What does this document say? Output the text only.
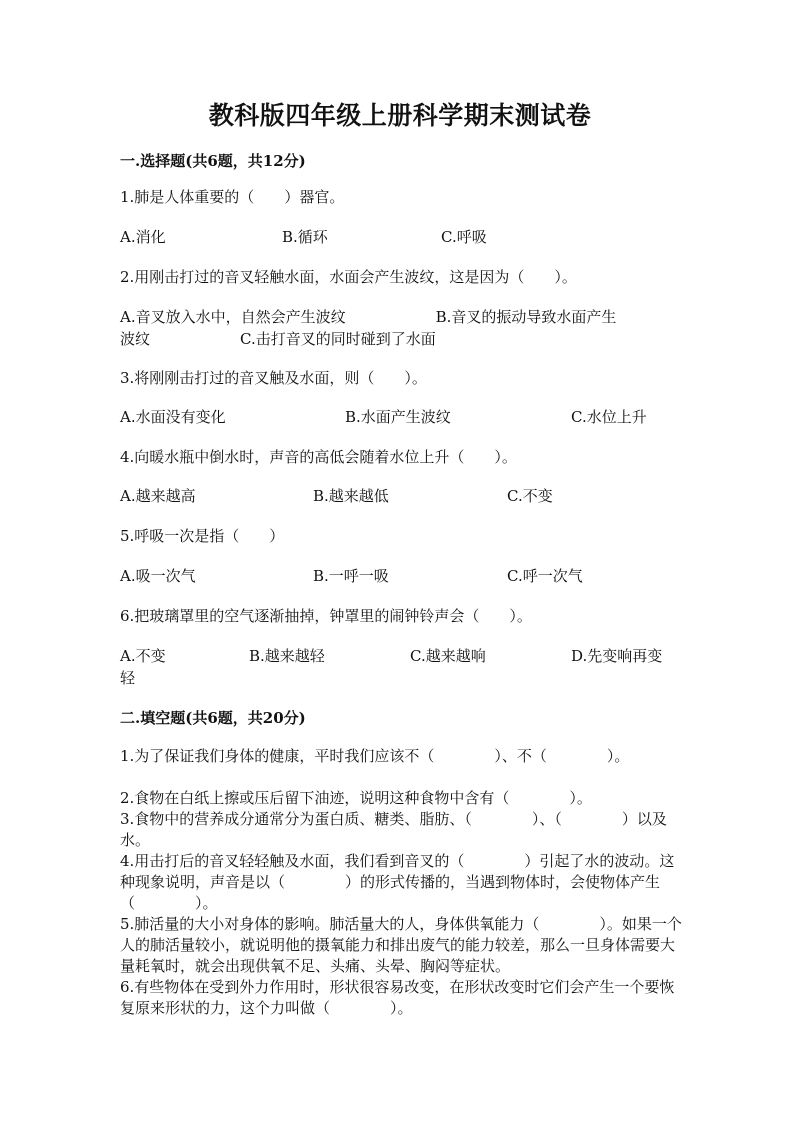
教科版四年级上册科学期末测试卷
一.选择题(共6题，共12分)
1.肺是人体重要的（　　）器官。
A.消化	B.循环	C.呼吸
2.用刚击打过的音叉轻触水面，水面会产生波纹，这是因为（　　）。
A.音叉放入水中，自然会产生波纹　　　　　　B.音叉的振动导致水面产生
波纹　　　　　　C.击打音叉的同时碰到了水面
3.将刚刚击打过的音叉触及水面，则（　　）。
A.水面没有变化	B.水面产生波纹	C.水位上升
4.向暖水瓶中倒水时，声音的高低会随着水位上升（　　）。
A.越来越高	B.越来越低	C.不变
5.呼吸一次是指（　　）
A.吸一次气	B.一呼一吸	C.呼一次气
6.把玻璃罩里的空气逐渐抽掉，钟罩里的闹钟铃声会（　　）。
A.不变	B.越来越轻	C.越来越响	D.先变响再变
轻
二.填空题(共6题，共20分)
1.为了保证我们身体的健康，平时我们应该不（　　　　）、不（　　　　）。
2.食物在白纸上擦或压后留下油迹，说明这种食物中含有（　　　　）。
3.食物中的营养成分通常分为蛋白质、糖类、脂肪、（　　　　）、（　　　　）以及水。
4.用击打后的音叉轻轻触及水面，我们看到音叉的（　　　　）引起了水的波动。这种现象说明，声音是以（　　　　）的形式传播的，当遇到物体时，会使物体产生（　　　　）。
5.肺活量的大小对身体的影响。肺活量大的人，身体供氧能力（　　　　）。如果一个人的肺活量较小，就说明他的摄氧能力和排出废气的能力较差，那么一旦身体需要大量耗氧时，就会出现供氧不足、头痛、头晕、胸闷等症状。
6.有些物体在受到外力作用时，形状很容易改变，在形状改变时它们会产生一个要恢复原来形状的力，这个力叫做（　　　　）。
